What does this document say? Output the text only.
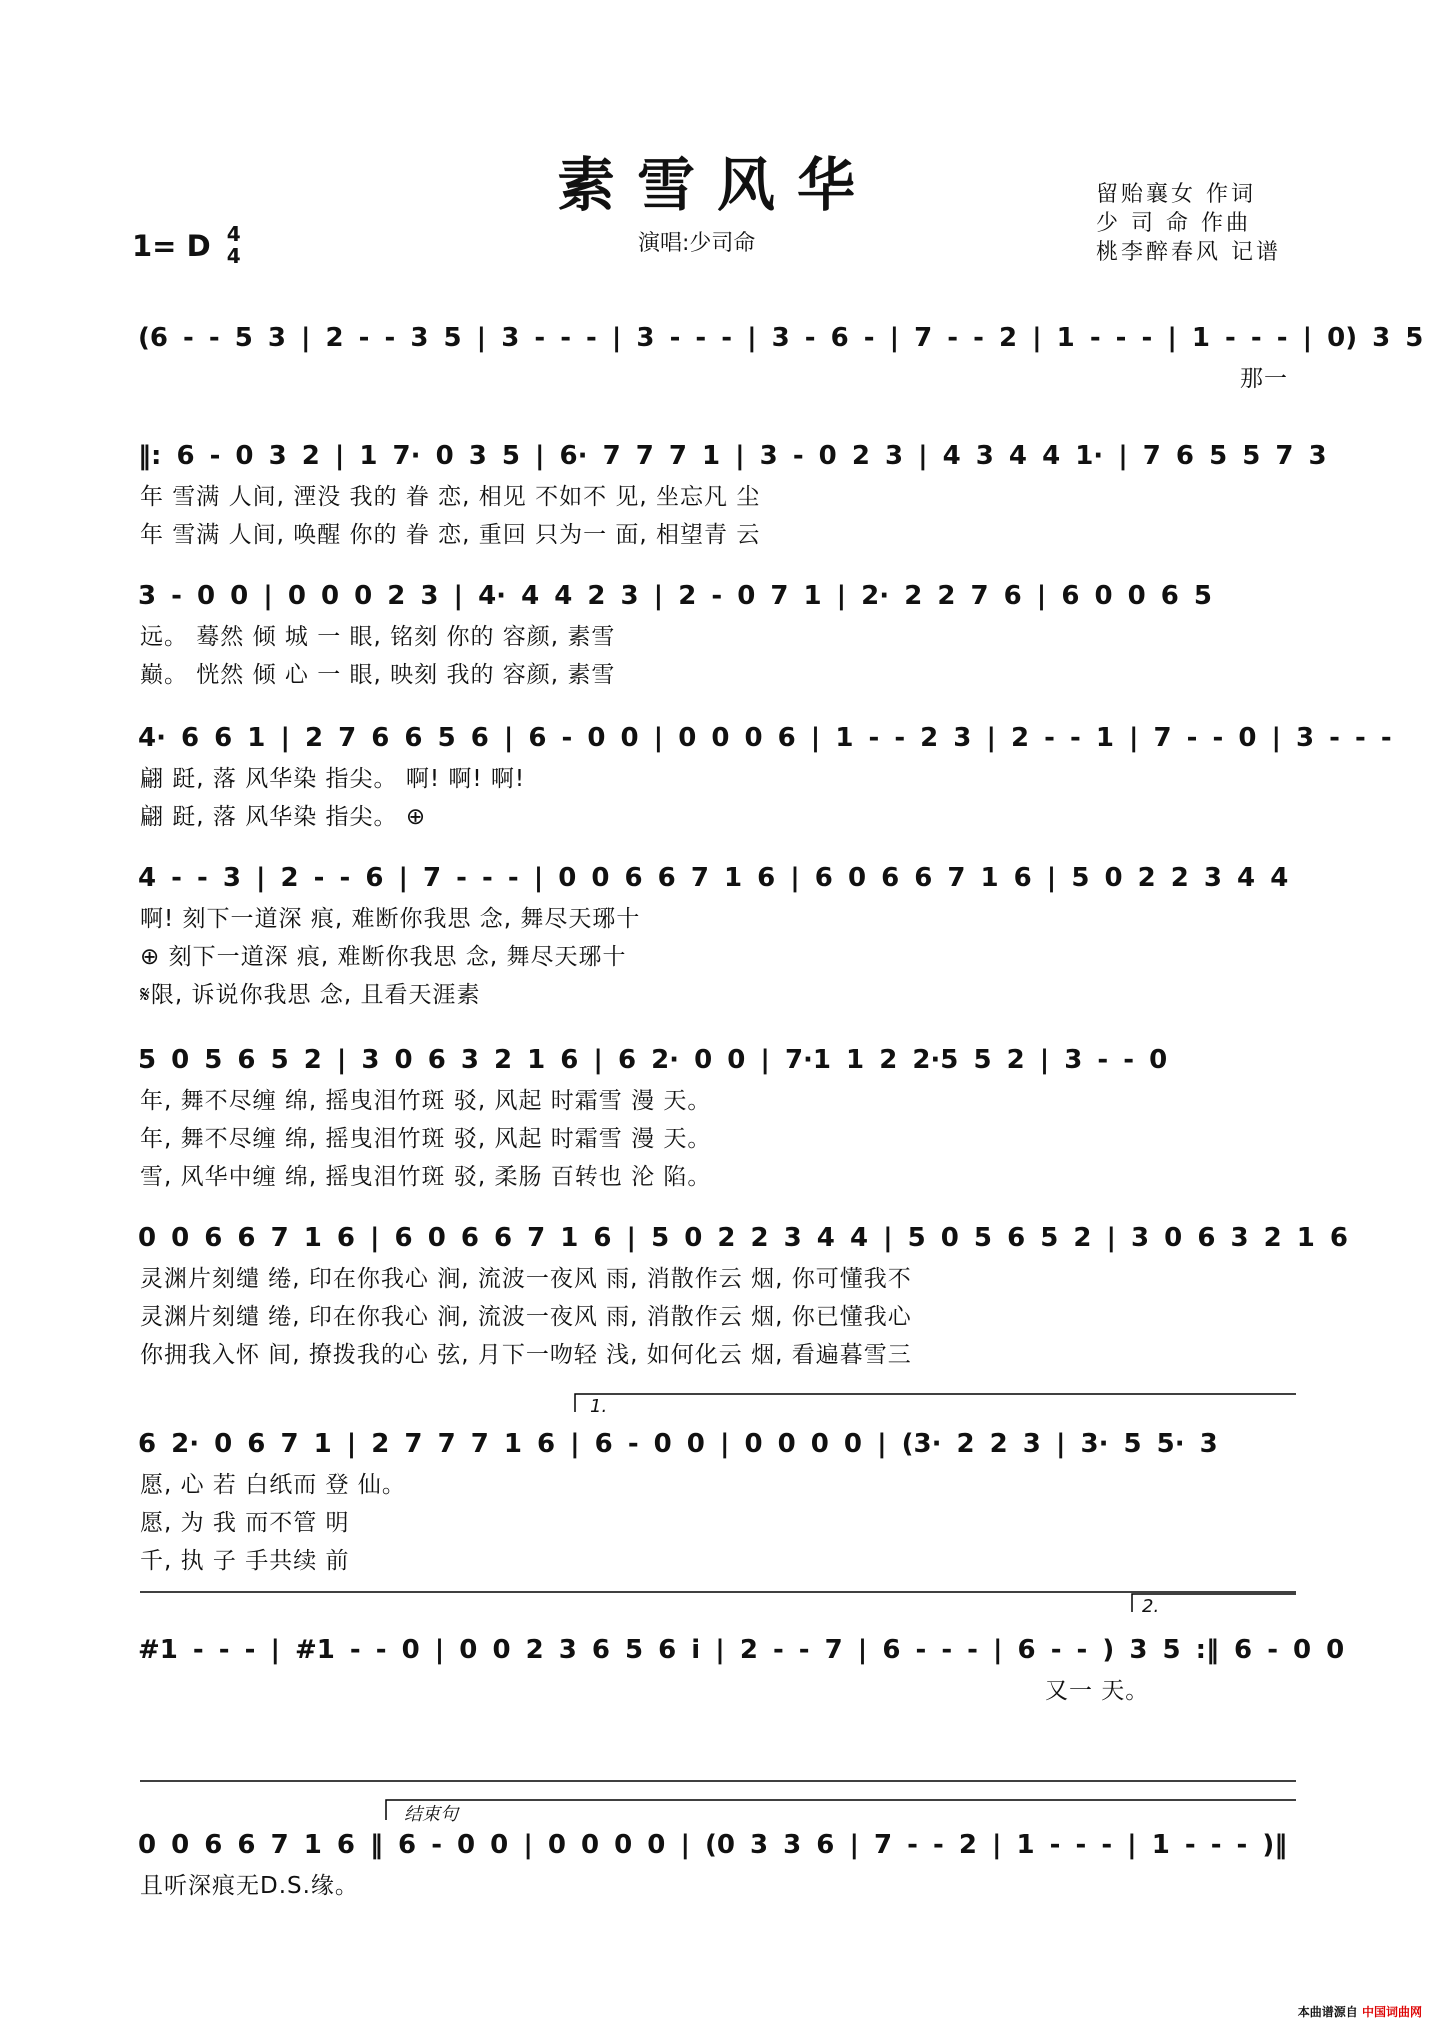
素雪风华
1= D 4
4	演唱:少司命
留贻襄女 作词
少 司 命 作曲
桃李醉春风 记谱
(6 - - 5 3 | 2 - - 3 5 | 3 - - - | 3 - - - | 3 - 6 - | 7 - - 2 | 1 - - - | 1 - - - | 0) 3 5
那一
‖: 6 - 0 3 2 | 1 7· 0 3 5 | 6· 7 7 7 1 | 3 - 0 2 3 | 4 3 4 4 1· | 7 6 5 5 7 3
年 雪满 人间, 湮没 我的 眷 恋, 相见 不如不 见, 坐忘凡 尘
年 雪满 人间, 唤醒 你的 眷 恋, 重回 只为一 面, 相望青 云
3 - 0 0 | 0 0 0 2 3 | 4· 4 4 2 3 | 2 - 0 7 1 | 2· 2 2 7 6 | 6 0 0 6 5
远。 蓦然 倾 城 一 眼, 铭刻 你的 容颜, 素雪
巅。 恍然 倾 心 一 眼, 映刻 我的 容颜, 素雪
4· 6 6 1 | 2 7 6 6 5 6 | 6 - 0 0 | 0 0 0 6 | 1 - - 2 3 | 2 - - 1 | 7 - - 0 | 3 - - -
翩 跹, 落 风华染 指尖。 啊! 啊! 啊!
翩 跹, 落 风华染 指尖。 ⊕
4 - - 3 | 2 - - 6 | 7 - - - | 0 0 6 6 7 1 6 | 6 0 6 6 7 1 6 | 5 0 2 2 3 4 4
啊! 刻下一道深 痕, 难断你我思 念, 舞尽天琊十
⊕ 刻下一道深 痕, 难断你我思 念, 舞尽天琊十
𝄋限, 诉说你我思 念, 且看天涯素
5 0 5 6 5 2 | 3 0 6 3 2 1 6 | 6 2· 0 0 | 7·1 1 2 2·5 5 2 | 3 - - 0
年, 舞不尽缠 绵, 摇曳泪竹斑 驳, 风起 时霜雪 漫 天。
年, 舞不尽缠 绵, 摇曳泪竹斑 驳, 风起 时霜雪 漫 天。
雪, 风华中缠 绵, 摇曳泪竹斑 驳, 柔肠 百转也 沦 陷。
0 0 6 6 7 1 6 | 6 0 6 6 7 1 6 | 5 0 2 2 3 4 4 | 5 0 5 6 5 2 | 3 0 6 3 2 1 6
灵渊片刻缱 绻, 印在你我心 涧, 流波一夜风 雨, 消散作云 烟, 你可懂我不
灵渊片刻缱 绻, 印在你我心 涧, 流波一夜风 雨, 消散作云 烟, 你已懂我心
你拥我入怀 间, 撩拨我的心 弦, 月下一吻轻 浅, 如何化云 烟, 看遍暮雪三
6 2· 0 6 7 1 | 2 7 7 7 1 6 | 6 - 0 0 | 0 0 0 0 | (3· 2 2 3 | 3· 5 5· 3
1.
愿, 心 若 白纸而 登 仙。
愿, 为 我 而不管 明
千, 执 子 手共续 前
#1 - - - | #1 - - 0 | 0 0 2 3 6 5 6 i | 2 - - 7 | 6 - - - | 6 - - ) 3 5 :‖ 6 - 0 0
2.
又一 天。
0 0 6 6 7 1 6 ‖ 6 - 0 0 | 0 0 0 0 | (0 3 3 6 | 7 - - 2 | 1 - - - | 1 - - - )‖
结束句
且听深痕无D.S.缘。
本曲谱源自 中国词曲网
